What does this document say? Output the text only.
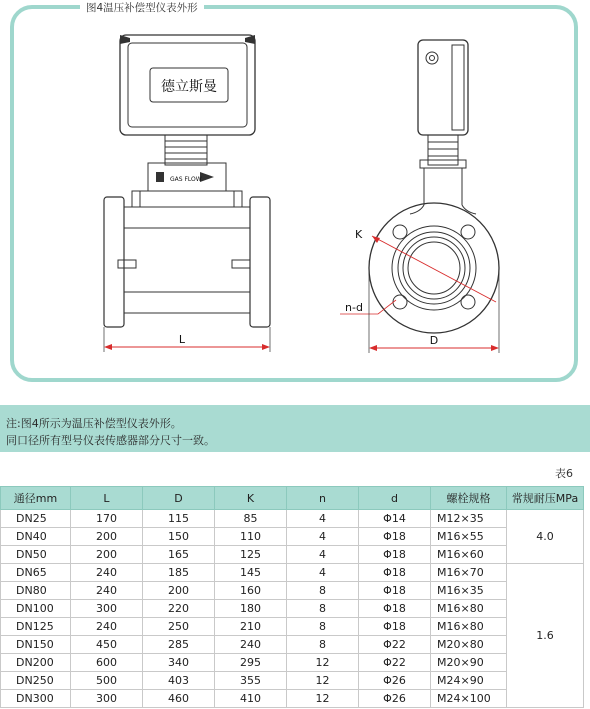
图4温压补偿型仪表外形
德立斯曼
GAS FLOW
L	D
K
n-d
注:图4所示为温压补偿型仪表外形。
同口径所有型号仪表传感器部分尺寸一致。
表6
通径mm	L	D	K	n	d	螺栓规格	常规耐压MPa
DN25	170	115	85	4	Φ14	M12×35	4.0
DN40	200	150	110	4	Φ18	M16×55	
DN50	200	165	125	4	Φ18	M16×60	
DN65	240	185	145	4	Φ18	M16×70	1.6
DN80	240	200	160	8	Φ18	M16×35	
DN100	300	220	180	8	Φ18	M16×80	
DN125	240	250	210	8	Φ18	M16×80	
DN150	450	285	240	8	Φ22	M20×80	
DN200	600	340	295	12	Φ22	M20×90	
DN250	500	403	355	12	Φ26	M24×90	
DN300	300	460	410	12	Φ26	M24×100	
